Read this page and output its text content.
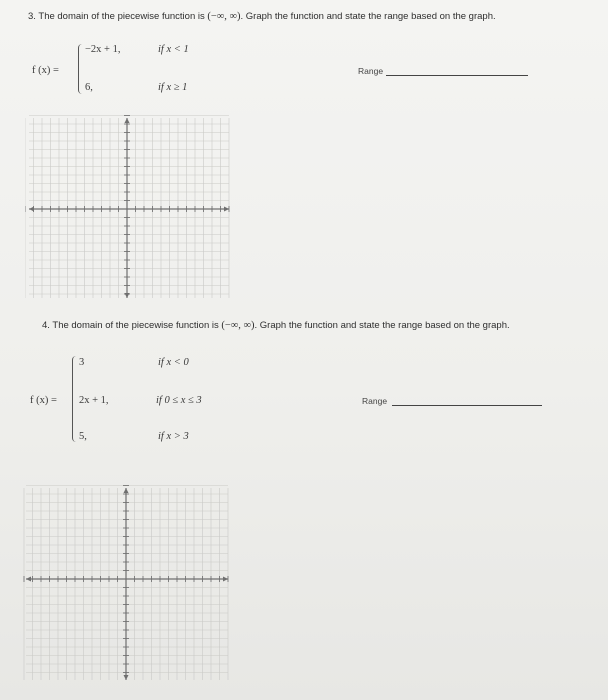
3. The domain of the piecewise function is (−∞, ∞). Graph the function and state the range based on the graph.
f (x) =
−2x + 1,	if x < 1
6,	if x ≥ 1
Range
4. The domain of the piecewise function is (−∞, ∞). Graph the function and state the range based on the graph.
f (x) =
3	if x < 0
2x + 1,	if 0 ≤ x ≤ 3
5,	if x > 3
Range
